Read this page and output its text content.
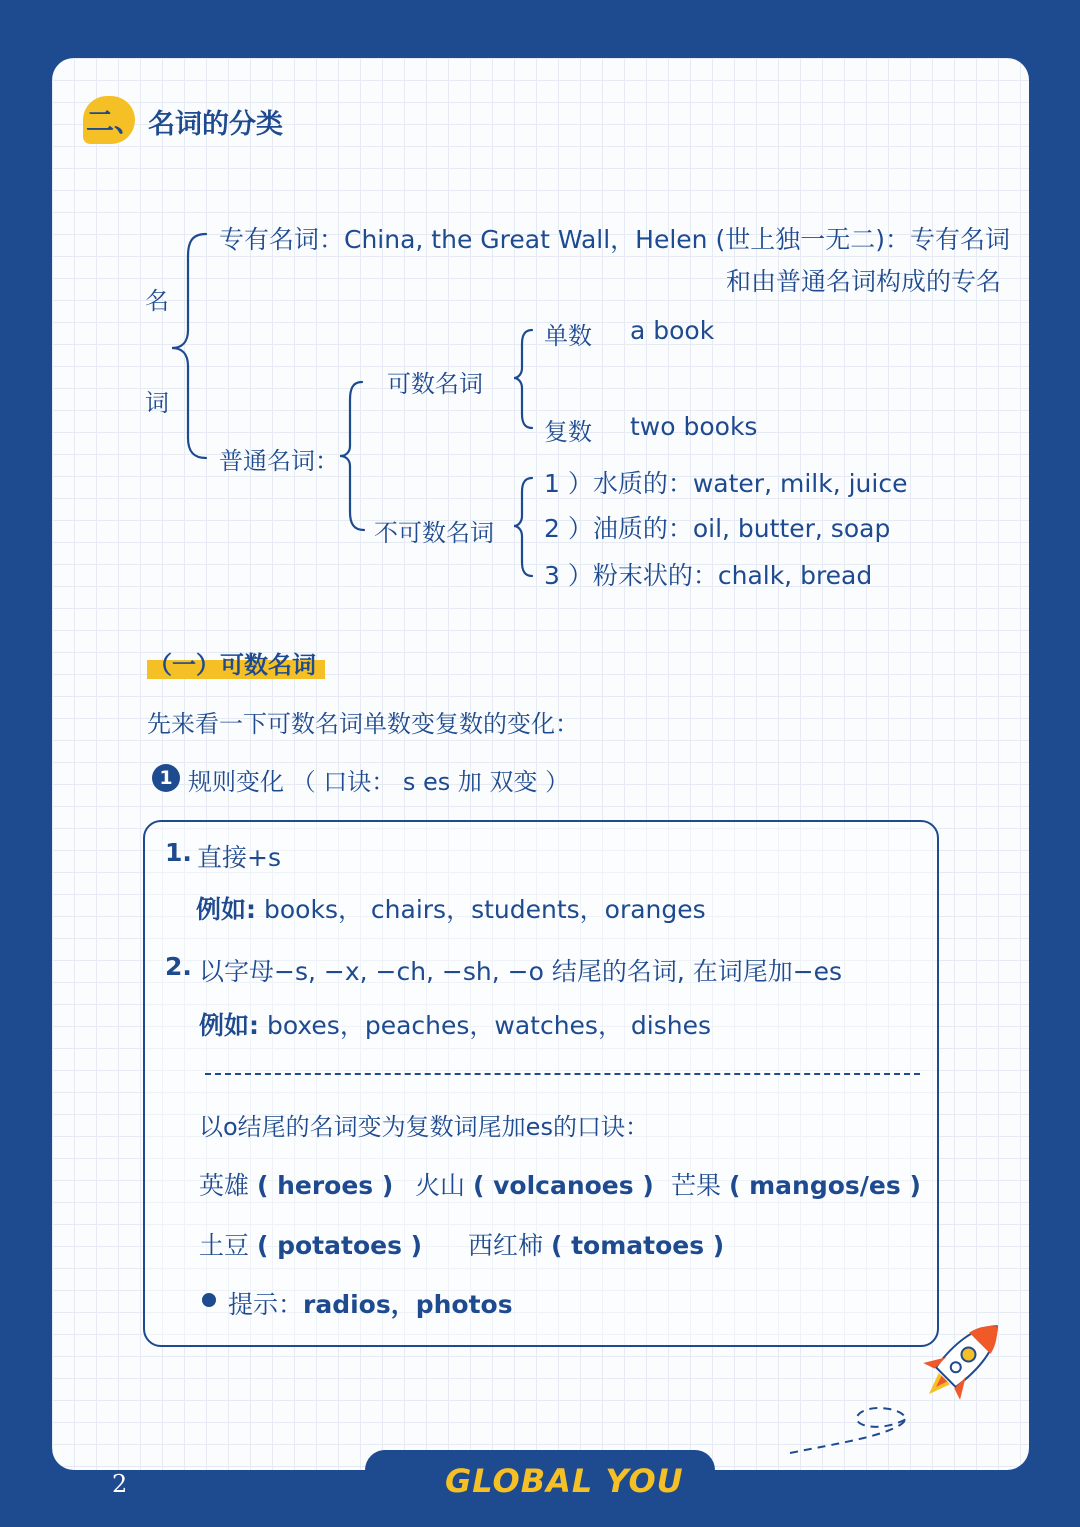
二、 名词的分类
名
词
专有名词：China, the Great Wall，Helen (世上独一无二)：专有名词
和由普通名词构成的专名
普通名词：
可数名词
单数 a book
复数 two books
不可数名词
1 ）水质的：water, milk, juice
2 ）油质的：oil, butter, soap
3 ）粉末状的：chalk, bread
（一）可数名词
先来看一下可数名词单数变复数的变化：
1 规则变化 （ 口诀： s es 加 双变 ）
1. 直接+s
例如: books， chairs，students，oranges
2. 以字母−s, −x, −ch, −sh, −o 结尾的名词, 在词尾加−es
例如: boxes，peaches，watches， dishes
以o结尾的名词变为复数词尾加es的口诀：
英雄 ( heroes ) 火山 ( volcanoes ) 芒果 ( mangos/es )
土豆 ( potatoes ) 西红柿 ( tomatoes )
提示：radios，photos
2	GLOBAL YOU
